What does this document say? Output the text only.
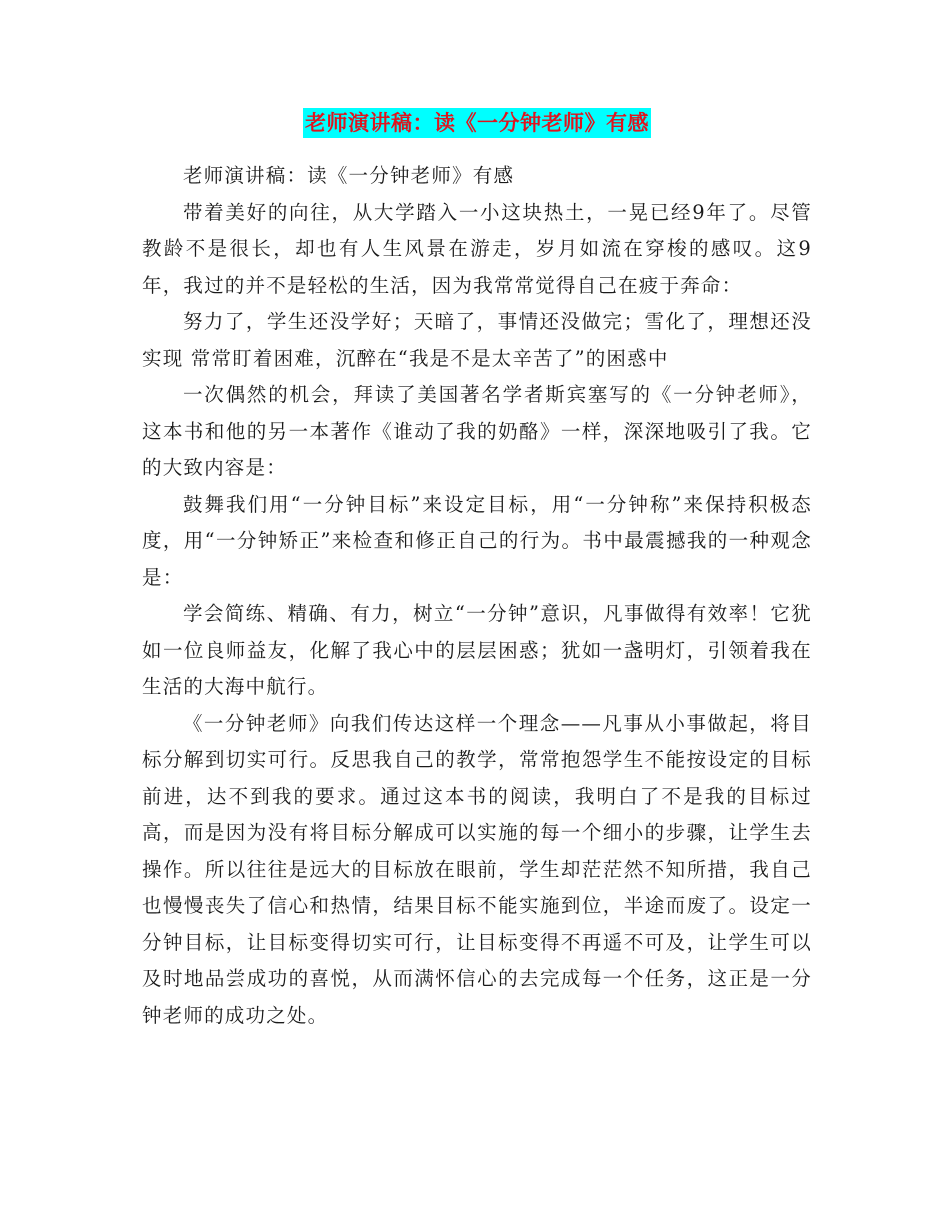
老师演讲稿：读《一分钟老师》有感

老师演讲稿：读《一分钟老师》有感

带着美好的向往，从大学踏入一小这块热土，一晃已经9年了。尽管教龄不是很长，却也有人生风景在游走，岁月如流在穿梭的感叹。这9年，我过的并不是轻松的生活，因为我常常觉得自己在疲于奔命：

努力了，学生还没学好；天暗了，事情还没做完；雪化了，理想还没实现 常常盯着困难，沉醉在“我是不是太辛苦了”的困惑中

一次偶然的机会，拜读了美国著名学者斯宾塞写的《一分钟老师》，这本书和他的另一本著作《谁动了我的奶酪》一样，深深地吸引了我。它的大致内容是：

鼓舞我们用“一分钟目标”来设定目标，用“一分钟称”来保持积极态度，用“一分钟矫正”来检查和修正自己的行为。书中最震撼我的一种观念是：

学会简练、精确、有力，树立“一分钟”意识，凡事做得有效率！它犹如一位良师益友，化解了我心中的层层困惑；犹如一盏明灯，引领着我在生活的大海中航行。

《一分钟老师》向我们传达这样一个理念——凡事从小事做起，将目标分解到切实可行。反思我自己的教学，常常抱怨学生不能按设定的目标前进，达不到我的要求。通过这本书的阅读，我明白了不是我的目标过高，而是因为没有将目标分解成可以实施的每一个细小的步骤，让学生去操作。所以往往是远大的目标放在眼前，学生却茫茫然不知所措，我自己也慢慢丧失了信心和热情，结果目标不能实施到位，半途而废了。设定一分钟目标，让目标变得切实可行，让目标变得不再遥不可及，让学生可以及时地品尝成功的喜悦，从而满怀信心的去完成每一个任务，这正是一分钟老师的成功之处。
